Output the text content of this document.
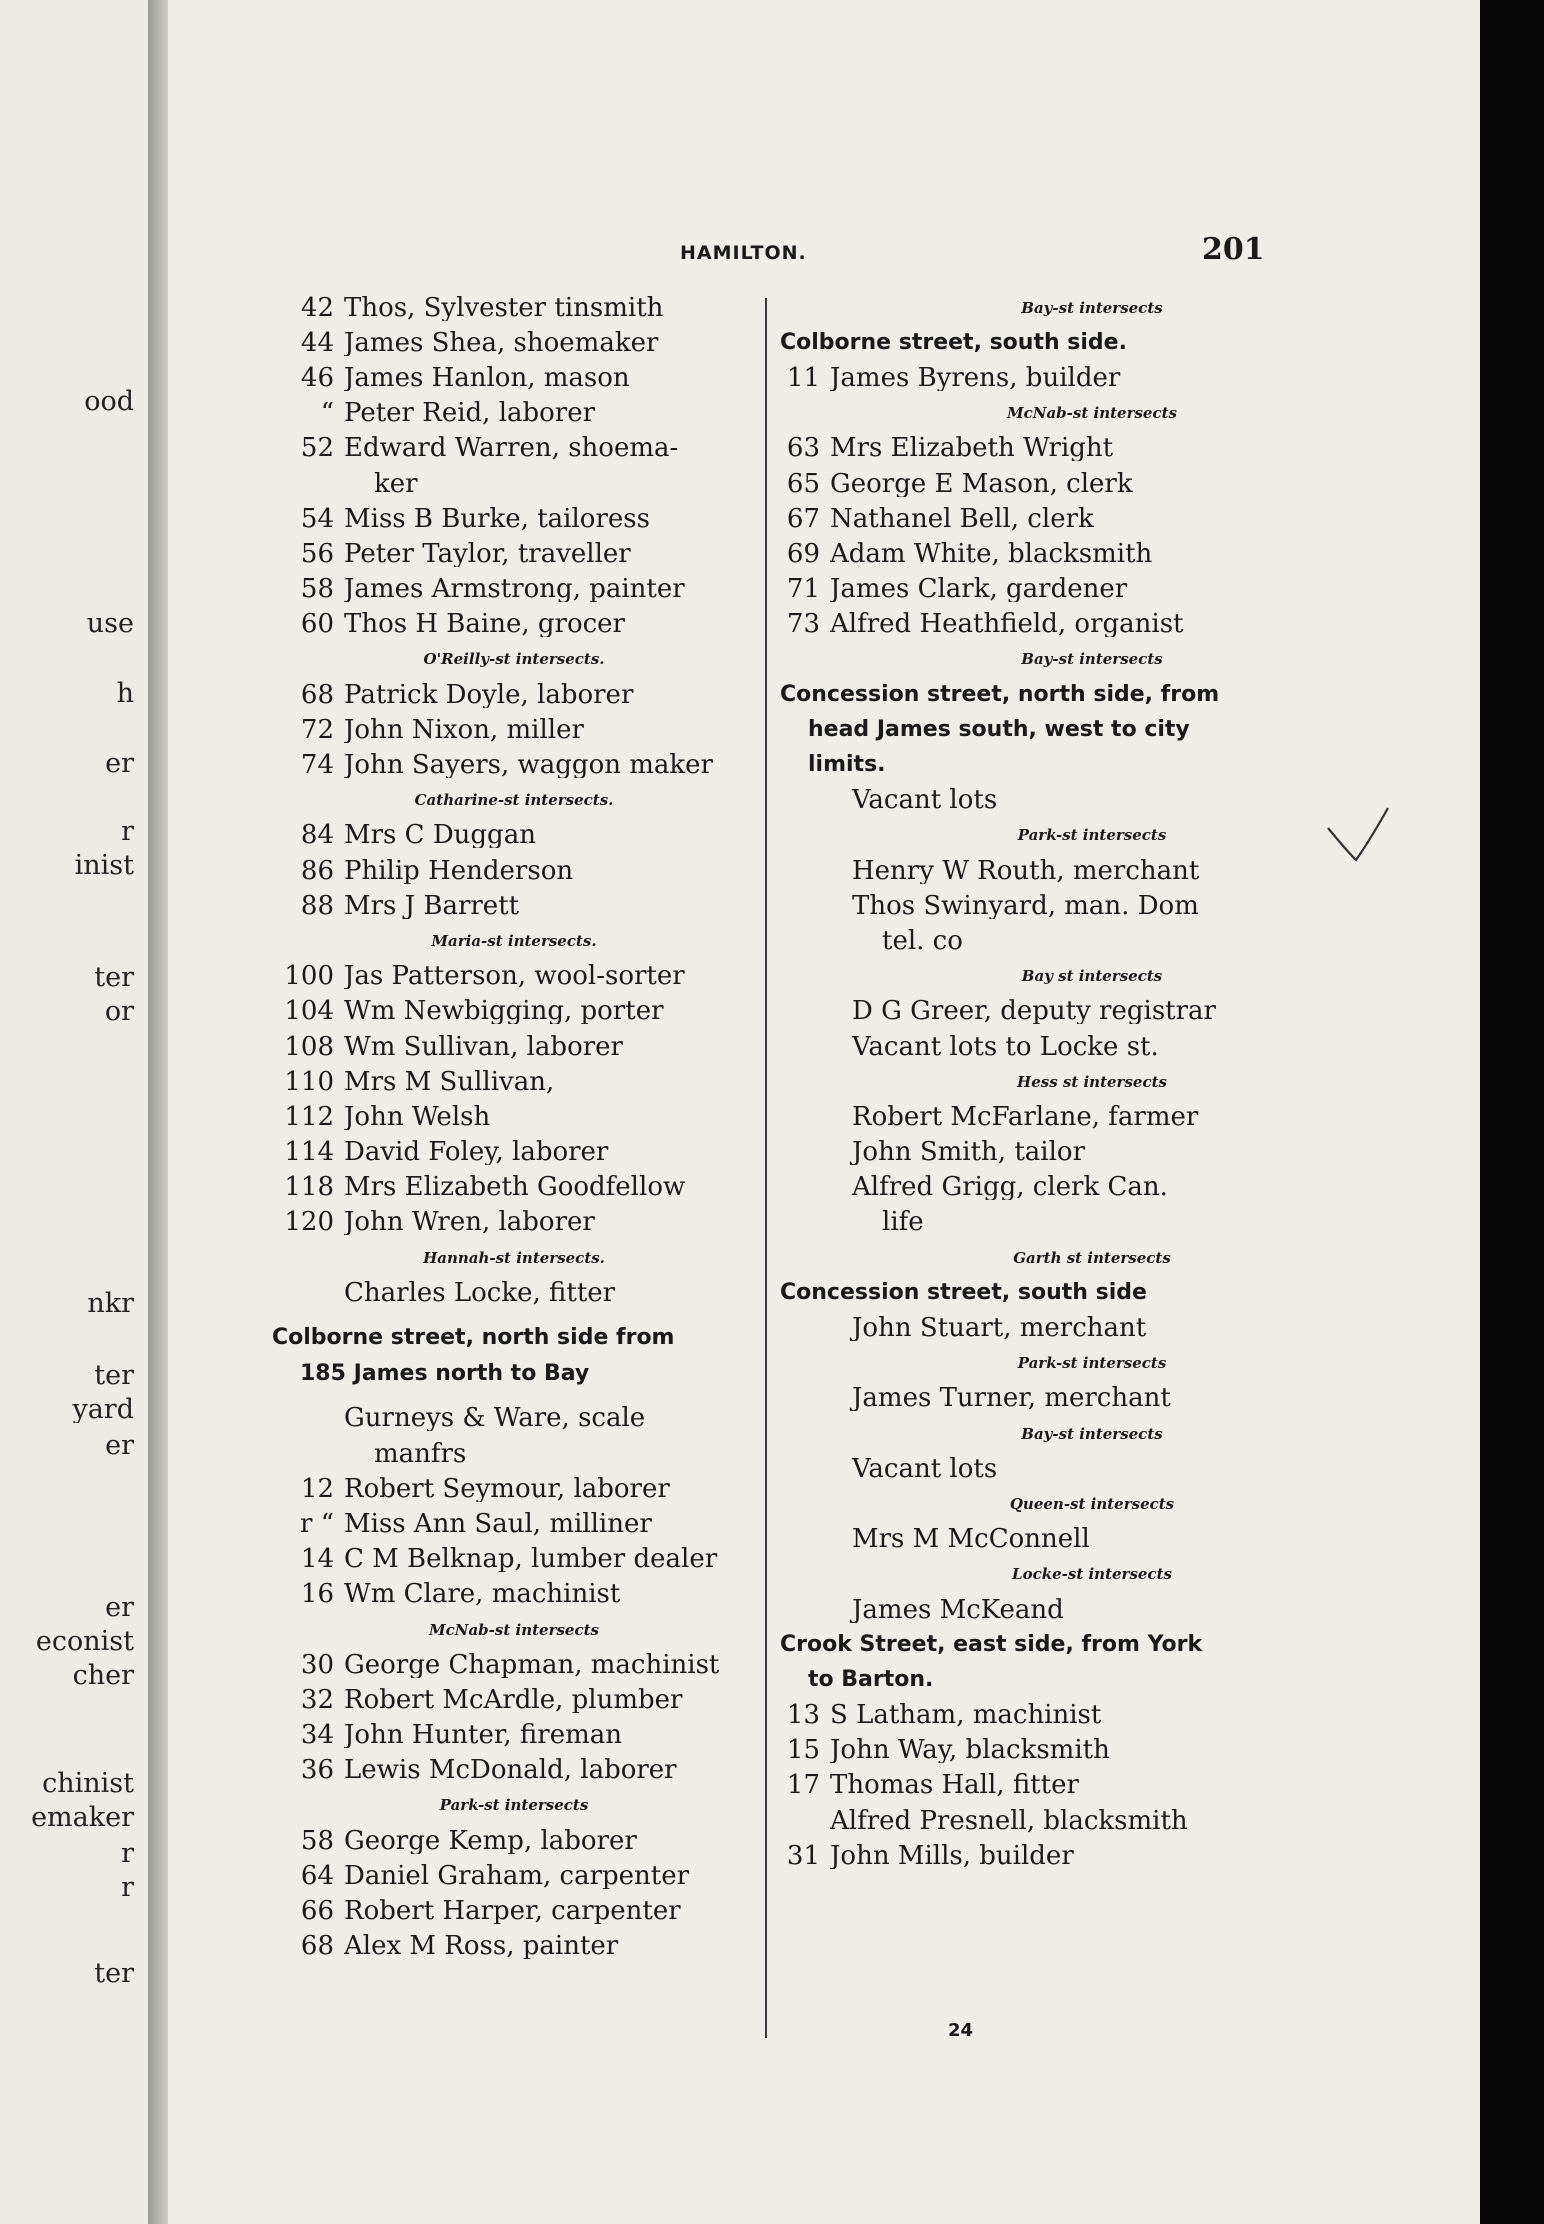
ood
use
h
er
r
inist
ter
or
nkr
ter
yard
er
er
econist
cher
chinist
emaker
r
r
ter
HAMILTON.	201
42 Thos, Sylvester tinsmith
44 James Shea, shoemaker
46 James Hanlon, mason
“ Peter Reid, laborer
52 Edward Warren, shoema-
ker
54 Miss B Burke, tailoress
56 Peter Taylor, traveller
58 James Armstrong, painter
60 Thos H Baine, grocer
O'Reilly-st intersects.
68 Patrick Doyle, laborer
72 John Nixon, miller
74 John Sayers, waggon maker
Catharine-st intersects.
84 Mrs C Duggan
86 Philip Henderson
88 Mrs J Barrett
Maria-st intersects.
100 Jas Patterson, wool-sorter
104 Wm Newbigging, porter
108 Wm Sullivan, laborer
110 Mrs M Sullivan,
112 John Welsh
114 David Foley, laborer
118 Mrs Elizabeth Goodfellow
120 John Wren, laborer
Hannah-st intersects.
Charles Locke, fitter
Colborne street, north side from
185 James north to Bay
Gurneys & Ware, scale
manfrs
12 Robert Seymour, laborer
r “ Miss Ann Saul, milliner
14 C M Belknap, lumber dealer
16 Wm Clare, machinist
McNab-st intersects
30 George Chapman, machinist
32 Robert McArdle, plumber
34 John Hunter, fireman
36 Lewis McDonald, laborer
Park-st intersects
58 George Kemp, laborer
64 Daniel Graham, carpenter
66 Robert Harper, carpenter
68 Alex M Ross, painter
Bay-st intersects
Colborne street, south side.
11 James Byrens, builder
McNab-st intersects
63 Mrs Elizabeth Wright
65 George E Mason, clerk
67 Nathanel Bell, clerk
69 Adam White, blacksmith
71 James Clark, gardener
73 Alfred Heathfield, organist
Bay-st intersects
Concession street, north side, from
head James south, west to city
limits.
Vacant lots
Park-st intersects
Henry W Routh, merchant
Thos Swinyard, man. Dom
tel. co
Bay st intersects
D G Greer, deputy registrar
Vacant lots to Locke st.
Hess st intersects
Robert McFarlane, farmer
John Smith, tailor
Alfred Grigg, clerk Can.
life
Garth st intersects
Concession street, south side
John Stuart, merchant
Park-st intersects
James Turner, merchant
Bay-st intersects
Vacant lots
Queen-st intersects
Mrs M McConnell
Locke-st intersects
James McKeand
Crook Street, east side, from York
to Barton.
13 S Latham, machinist
15 John Way, blacksmith
17 Thomas Hall, fitter
Alfred Presnell, blacksmith
31 John Mills, builder
24
